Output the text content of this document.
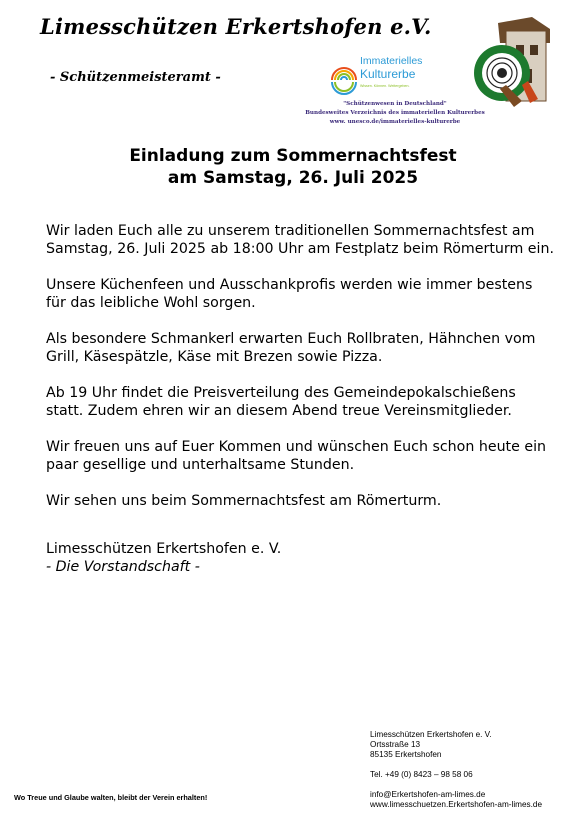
Limesschützen Erkertshofen e.V.
- Schützenmeisteramt -
Immaterielles
Kulturerbe
Wissen. Können. Weitergeben.
"Schützenwesen in Deutschland"
Bundesweites Verzeichnis des immateriellen Kulturerbes
www. unesco.de/immaterielles-kulturerbe
Einladung zum Sommernachtsfest
am Samstag, 26. Juli 2025

Wir laden Euch alle zu unserem traditionellen Sommernachtsfest am Samstag, 26. Juli 2025 ab 18:00 Uhr am Festplatz beim Römerturm ein.

Unsere Küchenfeen und Ausschankprofis werden wie immer bestens für das leibliche Wohl sorgen.

Als besondere Schmankerl erwarten Euch Rollbraten, Hähnchen vom Grill, Käsespätzle, Käse mit Brezen sowie Pizza.

Ab 19 Uhr findet die Preisverteilung des Gemeindepokalschießens statt. Zudem ehren wir an diesem Abend treue Vereinsmitglieder.

Wir freuen uns auf Euer Kommen und wünschen Euch schon heute ein paar gesellige und unterhaltsame Stunden.

Wir sehen uns beim Sommernachtsfest am Römerturm.

Limesschützen Erkertshofen e. V.
- Die Vorstandschaft -
Limesschützen Erkertshofen e. V.
Ortsstraße 13
85135 Erkertshofen
Tel. +49 (0) 8423 – 98 58 06
info@Erkertshofen-am-limes.de
www.limesschuetzen.Erkertshofen-am-limes.de
Wo Treue und Glaube walten, bleibt der Verein erhalten!
